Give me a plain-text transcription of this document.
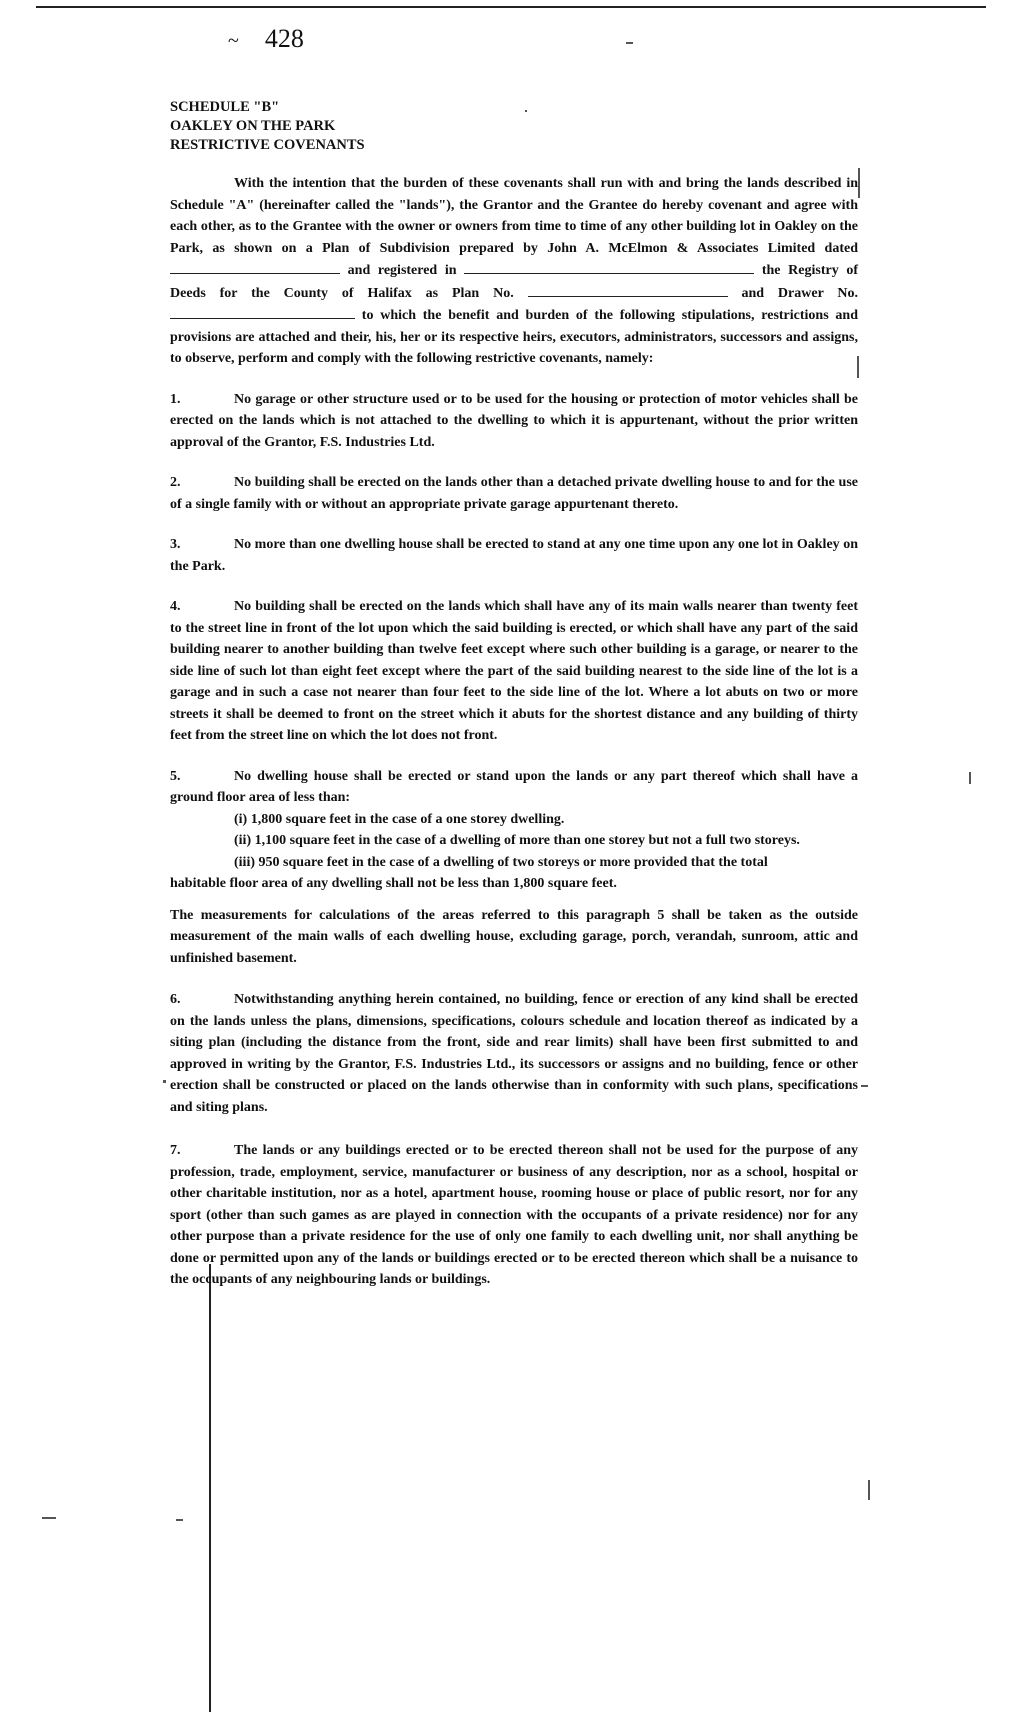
~ 428
SCHEDULE "B"
OAKLEY ON THE PARK
RESTRICTIVE COVENANTS
With the intention that the burden of these covenants shall run with and bring the lands described in Schedule "A" (hereinafter called the "lands"), the Grantor and the Grantee do hereby covenant and agree with each other, as to the Grantee with the owner or owners from time to time of any other building lot in Oakley on the Park, as shown on a Plan of Subdivision prepared by John A. McElmon & Associates Limited dated  and registered in	the Registry of Deeds for the County of Halifax as Plan No.	and Drawer No.  to which the benefit and burden of the following stipulations, restrictions and provisions are attached and their, his, her or its respective heirs, executors, administrators, successors and assigns, to observe, perform and comply with the following restrictive covenants, namely:
1.	No garage or other structure used or to be used for the housing or protection of motor vehicles shall be erected on the lands which is not attached to the dwelling to which it is appurtenant, without the prior written approval of the Grantor, F.S. Industries Ltd.
2.	No building shall be erected on the lands other than a detached private dwelling house to and for the use of a single family with or without an appropriate private garage appurtenant thereto.
3.	No more than one dwelling house shall be erected to stand at any one time upon any one lot in Oakley on the Park.
4.	No building shall be erected on the lands which shall have any of its main walls nearer than twenty feet to the street line in front of the lot upon which the said building is erected, or which shall have any part of the said building nearer to another building than twelve feet except where such other building is a garage, or nearer to the side line of such lot than eight feet except where the part of the said building nearest to the side line of the lot is a garage and in such a case not nearer than four feet to the side line of the lot. Where a lot abuts on two or more streets it shall be deemed to front on the street which it abuts for the shortest distance and any building of thirty feet from the street line on which the lot does not front.
5.	No dwelling house shall be erected or stand upon the lands or any part thereof which shall have a ground floor area of less than:
(i) 1,800 square feet in the case of a one storey dwelling.
(ii) 1,100 square feet in the case of a dwelling of more than one storey but not a full two storeys.
(iii) 950 square feet in the case of a dwelling of two storeys or more provided that the total
habitable floor area of any dwelling shall not be less than 1,800 square feet.
The measurements for calculations of the areas referred to this paragraph 5 shall be taken as the outside measurement of the main walls of each dwelling house, excluding garage, porch, verandah, sunroom, attic and unfinished basement.
6.	Notwithstanding anything herein contained, no building, fence or erection of any kind shall be erected on the lands unless the plans, dimensions, specifications, colours schedule and location thereof as indicated by a siting plan (including the distance from the front, side and rear limits) shall have been first submitted to and approved in writing by the Grantor, F.S. Industries Ltd., its successors or assigns and no building, fence or other erection shall be constructed or placed on the lands otherwise than in conformity with such plans, specifications and siting plans.
7.	The lands or any buildings erected or to be erected thereon shall not be used for the purpose of any profession, trade, employment, service, manufacturer or business of any description, nor as a school, hospital or other charitable institution, nor as a hotel, apartment house, rooming house or place of public resort, nor for any sport (other than such games as are played in connection with the occupants of a private residence) nor for any other purpose than a private residence for the use of only one family to each dwelling unit, nor shall anything be done or permitted upon any of the lands or buildings erected or to be erected thereon which shall be a nuisance to the occupants of any neighbouring lands or buildings.
